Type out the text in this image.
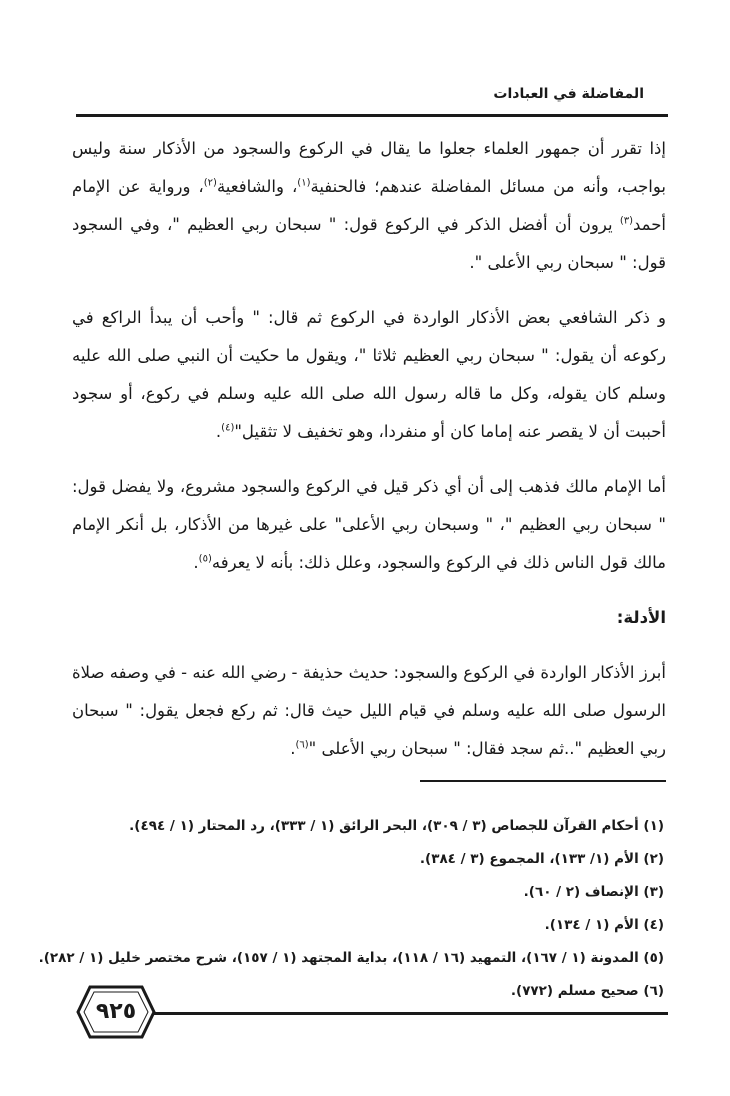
المفاضلة في العبادات

إذا تقرر أن جمهور العلماء جعلوا ما يقال في الركوع والسجود من الأذكار سنة وليس بواجب، وأنه من مسائل المفاضلة عندهم؛ فالحنفية$^{(١)}$، والشافعية$^{(٢)}$، ورواية عن الإمام أحمد$^{(٣)}$ يرون أن أفضل الذكر في الركوع قول: " سبحان ربي العظيم "، وفي السجود قول: " سبحان ربي الأعلى ".

و ذكر الشافعي بعض الأذكار الواردة في الركوع ثم قال: " وأحب أن يبدأ الراكع في ركوعه أن يقول: " سبحان ربي العظيم ثلاثا "، ويقول ما حكيت أن النبي صلى الله عليه وسلم كان يقوله، وكل ما قاله رسول الله صلى الله عليه وسلم في ركوع، أو سجود أحببت أن لا يقصر عنه إماما كان أو منفردا، وهو تخفيف لا تثقيل"$^{(٤)}$.

أما الإمام مالك فذهب إلى أن أي ذكر قيل في الركوع والسجود مشروع، ولا يفضل قول: " سبحان ربي العظيم "، " وسبحان ربي الأعلى" على غيرها من الأذكار، بل أنكر الإمام مالك قول الناس ذلك في الركوع والسجود، وعلل ذلك: بأنه لا يعرفه$^{(٥)}$.

الأدلة:

أبرز الأذكار الواردة في الركوع والسجود: حديث حذيفة - رضي الله عنه - في وصفه صلاة الرسول صلى الله عليه وسلم في قيام الليل حيث قال: ثم ركع فجعل يقول: " سبحان ربي العظيم "..ثم سجد فقال: " سبحان ربي الأعلى "$^{(٦)}$.

(١) أحكام القرآن للجصاص (٣ / ٣٠٩)، البحر الرائق (١ / ٣٣٣)، رد المحتار (١ / ٤٩٤).
(٢) الأم (١/ ١٣٣)، المجموع (٣ / ٣٨٤).
(٣) الإنصاف (٢ / ٦٠).
(٤) الأم (١ / ١٣٤).
(٥) المدونة (١ / ١٦٧)، التمهيد (١٦ / ١١٨)، بداية المجتهد (١ / ١٥٧)، شرح مختصر خليل (١ / ٢٨٢).
(٦) صحيح مسلم (٧٧٢).
٩٢٥
